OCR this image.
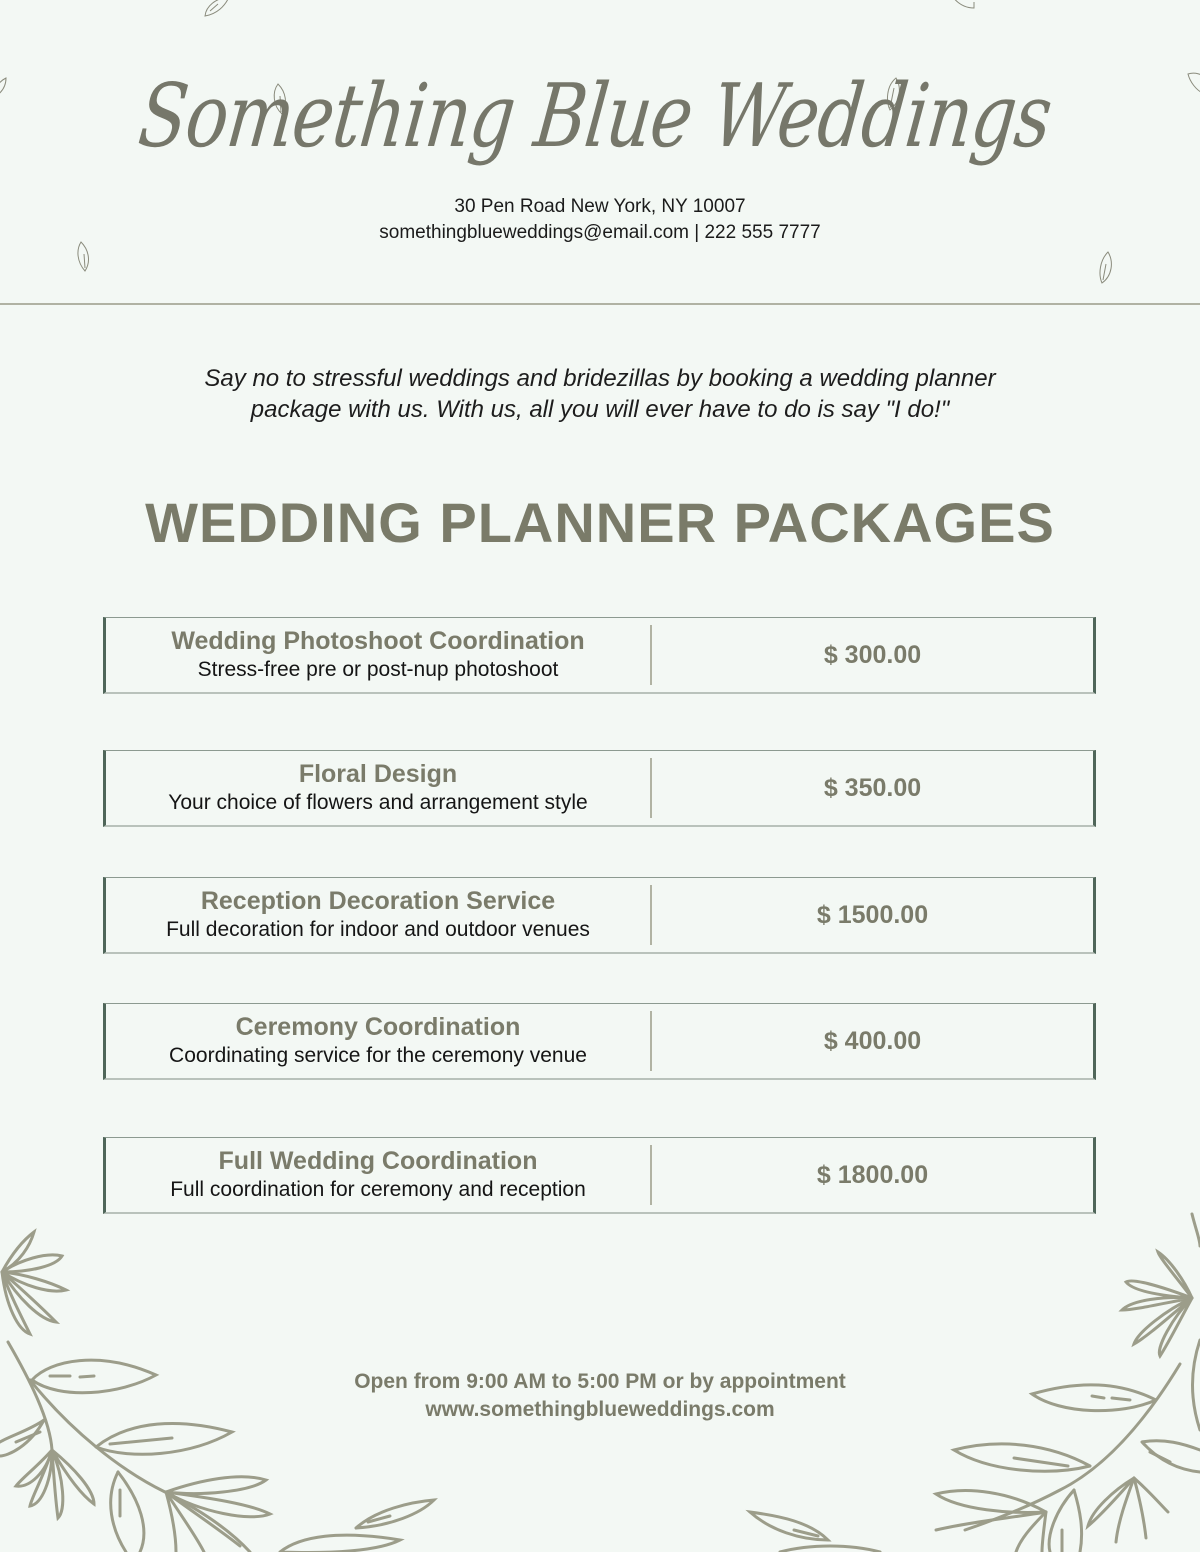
Something Blue Weddings
30 Pen Road New York, NY 10007
somethingblueweddings@email.com | 222 555 7777
Say no to stressful weddings and bridezillas by booking a wedding planner
package with us. With us, all you will ever have to do is say "I do!"
WEDDING PLANNER PACKAGES
Wedding Photoshoot Coordination
Stress-free pre or post-nup photoshoot
$ 300.00
Floral Design
Your choice of flowers and arrangement style
$ 350.00
Reception Decoration Service
Full decoration for indoor and outdoor venues
$ 1500.00
Ceremony Coordination
Coordinating service for the ceremony venue
$ 400.00
Full Wedding Coordination
Full coordination for ceremony and reception
$ 1800.00
Open from 9:00 AM to 5:00 PM or by appointment
www.somethingblueweddings.com
